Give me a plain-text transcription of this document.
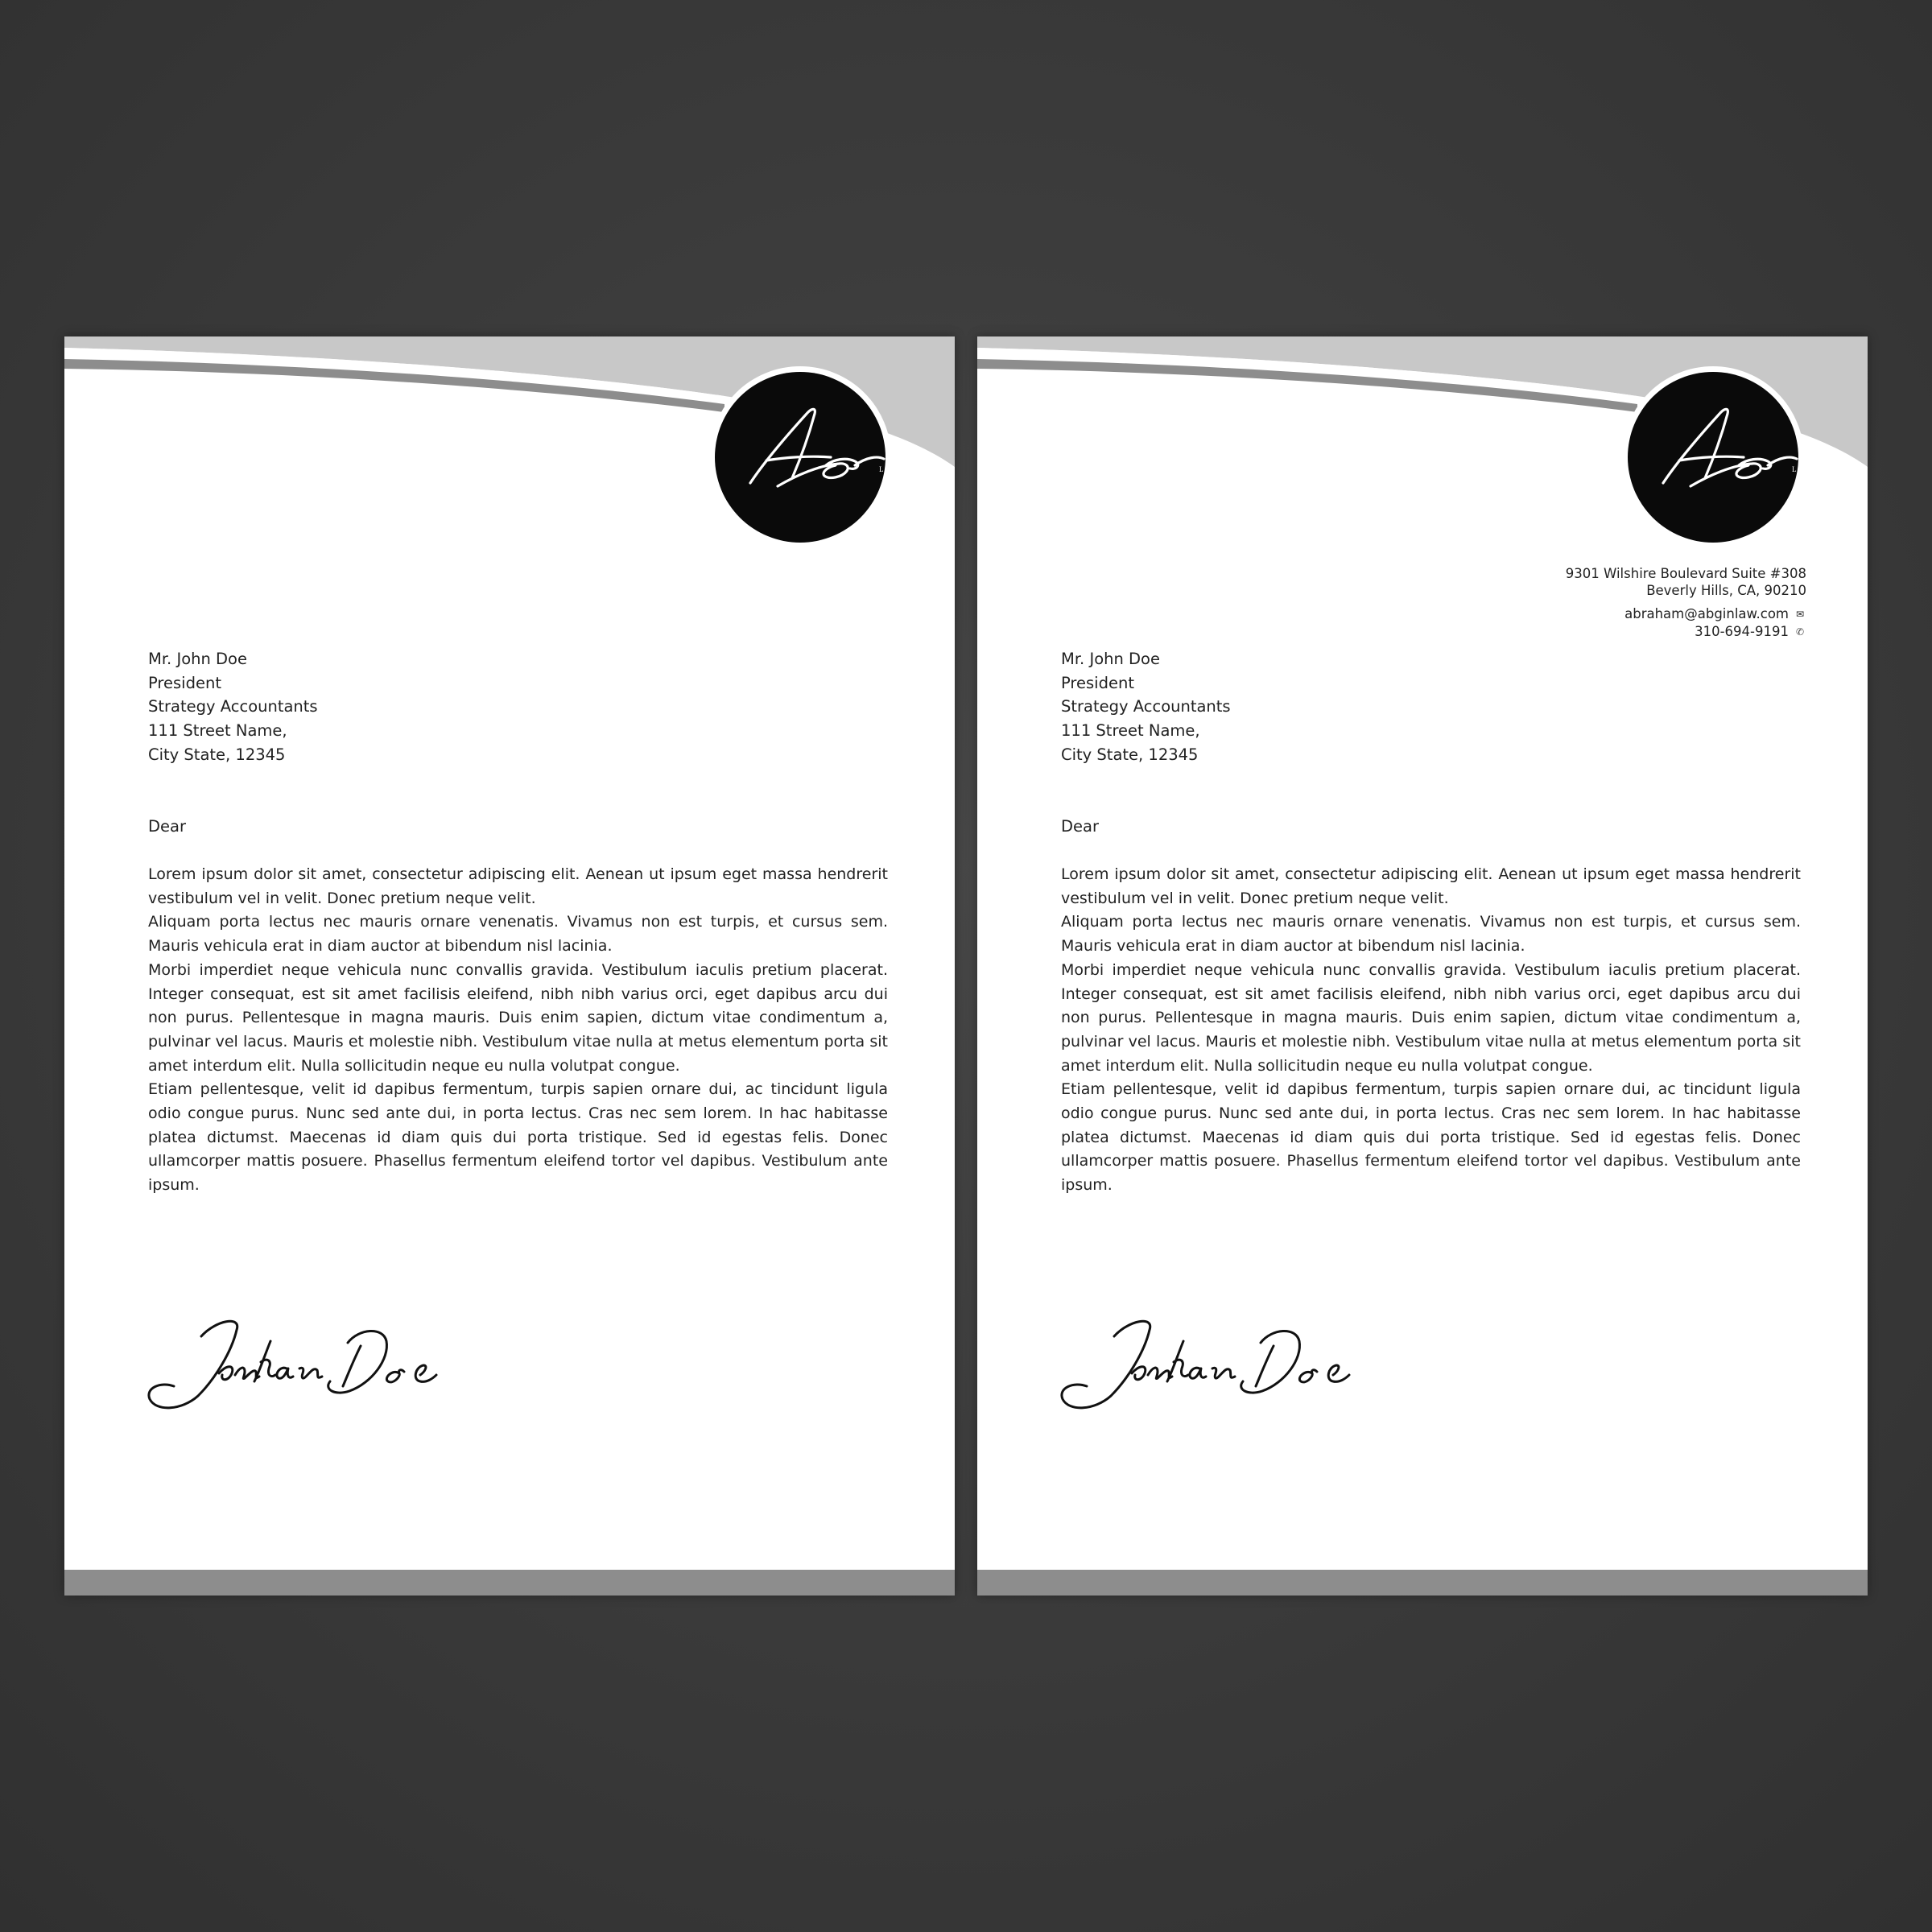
LAW, PC
Mr. John Doe
President
Strategy Accountants
111 Street Name,
City State, 12345
Dear

Lorem ipsum dolor sit amet, consectetur adipiscing elit. Aenean ut ipsum eget massa hendrerit vestibulum vel in velit. Donec pretium neque velit.

Aliquam porta lectus nec mauris ornare venenatis. Vivamus non est turpis, et cursus sem. Mauris vehicula erat in diam auctor at bibendum nisl lacinia.

Morbi imperdiet neque vehicula nunc convallis gravida. Vestibulum iaculis pretium placerat. Integer consequat, est sit amet facilisis eleifend, nibh nibh varius orci, eget dapibus arcu dui non purus. Pellentesque in magna mauris. Duis enim sapien, dictum vitae condimentum a, pulvinar vel lacus. Mauris et molestie nibh. Vestibulum vitae nulla at metus elementum porta sit amet interdum elit. Nulla sollicitudin neque eu nulla volutpat congue.

Etiam pellentesque, velit id dapibus fermentum, turpis sapien ornare dui, ac tincidunt ligula odio congue purus. Nunc sed ante dui, in porta lectus. Cras nec sem lorem. In hac habitasse platea dictumst. Maecenas id diam quis dui porta tristique. Sed id egestas felis. Donec ullamcorper mattis posuere. Phasellus fermentum eleifend tortor vel dapibus. Vestibulum ante ipsum.

LAW, PC
9301 Wilshire Boulevard Suite #308
Beverly Hills, CA, 90210
abraham@abginlaw.com ✉
310-694-9191 ✆
Mr. John Doe
President
Strategy Accountants
111 Street Name,
City State, 12345
Dear

Lorem ipsum dolor sit amet, consectetur adipiscing elit. Aenean ut ipsum eget massa hendrerit vestibulum vel in velit. Donec pretium neque velit.

Aliquam porta lectus nec mauris ornare venenatis. Vivamus non est turpis, et cursus sem. Mauris vehicula erat in diam auctor at bibendum nisl lacinia.

Morbi imperdiet neque vehicula nunc convallis gravida. Vestibulum iaculis pretium placerat. Integer consequat, est sit amet facilisis eleifend, nibh nibh varius orci, eget dapibus arcu dui non purus. Pellentesque in magna mauris. Duis enim sapien, dictum vitae condimentum a, pulvinar vel lacus. Mauris et molestie nibh. Vestibulum vitae nulla at metus elementum porta sit amet interdum elit. Nulla sollicitudin neque eu nulla volutpat congue.

Etiam pellentesque, velit id dapibus fermentum, turpis sapien ornare dui, ac tincidunt ligula odio congue purus. Nunc sed ante dui, in porta lectus. Cras nec sem lorem. In hac habitasse platea dictumst. Maecenas id diam quis dui porta tristique. Sed id egestas felis. Donec ullamcorper mattis posuere. Phasellus fermentum eleifend tortor vel dapibus. Vestibulum ante ipsum.
